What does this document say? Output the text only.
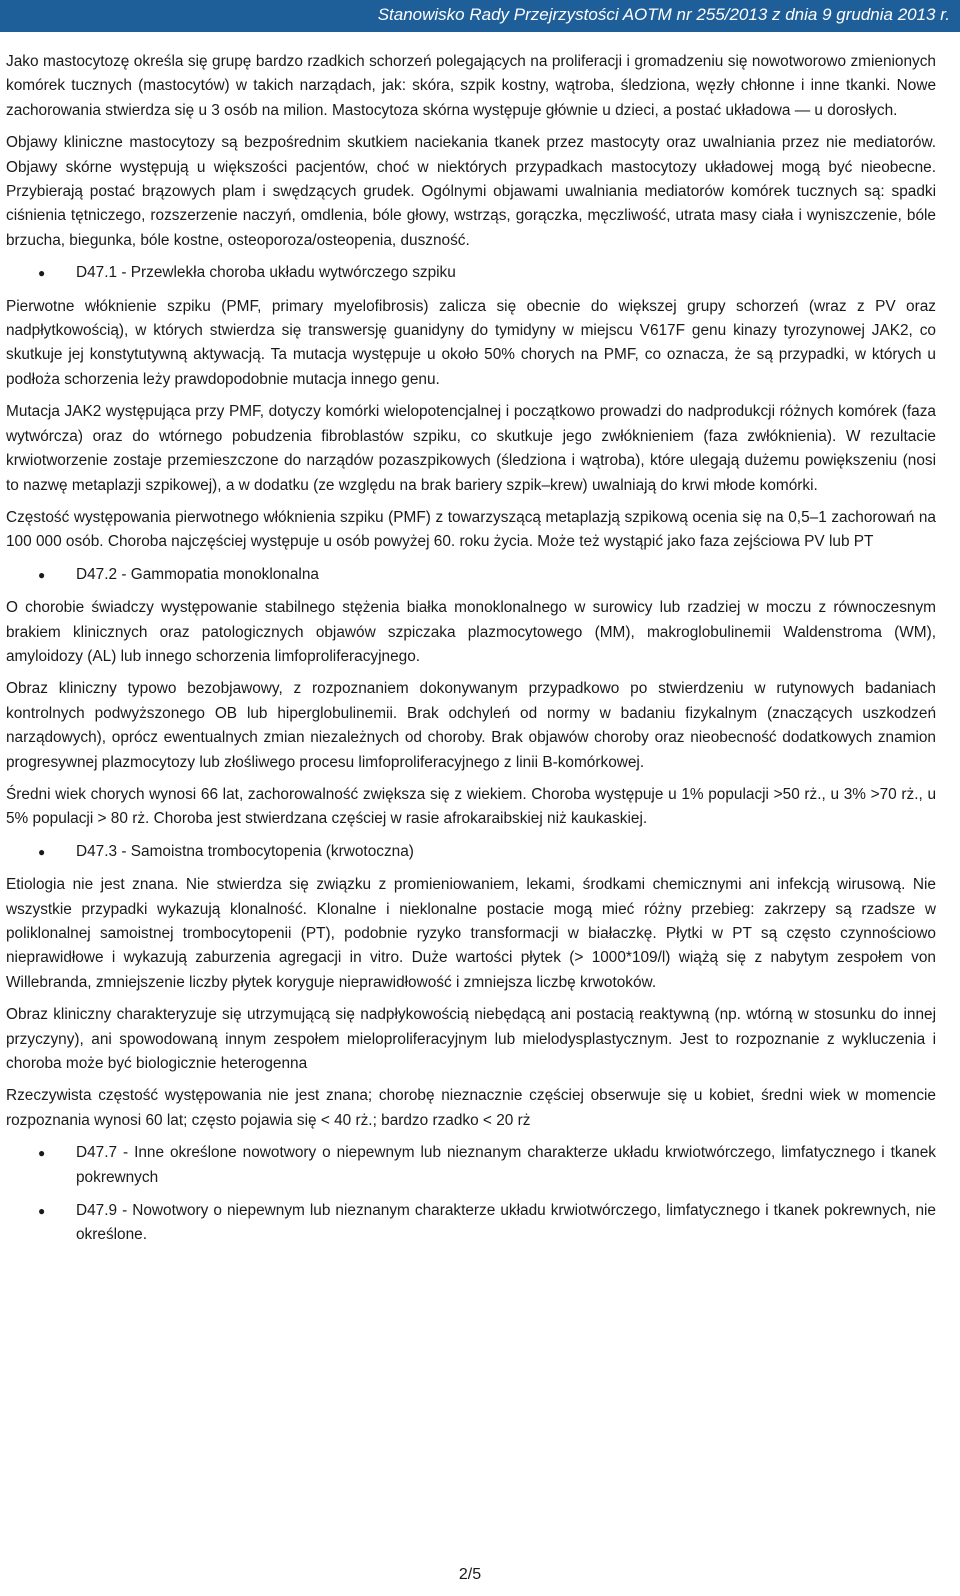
Stanowisko Rady Przejrzystości AOTM nr 255/2013 z dnia 9 grudnia 2013 r.

Jako mastocytozę określa się grupę bardzo rzadkich schorzeń polegających na proliferacji i gromadzeniu się nowotworowo zmienionych komórek tucznych (mastocytów) w takich narządach, jak: skóra, szpik kostny, wątroba, śledziona, węzły chłonne i inne tkanki. Nowe zachorowania stwierdza się u 3 osób na milion. Mastocytoza skórna występuje głównie u dzieci, a postać układowa — u dorosłych.

Objawy kliniczne mastocytozy są bezpośrednim skutkiem naciekania tkanek przez mastocyty oraz uwalniania przez nie mediatorów. Objawy skórne występują u większości pacjentów, choć w niektórych przypadkach mastocytozy układowej mogą być nieobecne. Przybierają postać brązowych plam i swędzących grudek. Ogólnymi objawami uwalniania mediatorów komórek tucznych są: spadki ciśnienia tętniczego, rozszerzenie naczyń, omdlenia, bóle głowy, wstrząs, gorączka, męczliwość, utrata masy ciała i wyniszczenie, bóle brzucha, biegunka, bóle kostne, osteoporoza/osteopenia, duszność.

● D47.1 - Przewlekła choroba układu wytwórczego szpiku

Pierwotne włóknienie szpiku (PMF, primary myelofibrosis) zalicza się obecnie do większej grupy schorzeń (wraz z PV oraz nadpłytkowością), w których stwierdza się transwersję guanidyny do tymidyny w miejscu V617F genu kinazy tyrozynowej JAK2, co skutkuje jej konstytutywną aktywacją. Ta mutacja występuje u około 50% chorych na PMF, co oznacza, że są przypadki, w których u podłoża schorzenia leży prawdopodobnie mutacja innego genu.

Mutacja JAK2 występująca przy PMF, dotyczy komórki wielopotencjalnej i początkowo prowadzi do nadprodukcji różnych komórek (faza wytwórcza) oraz do wtórnego pobudzenia fibroblastów szpiku, co skutkuje jego zwłóknieniem (faza zwłóknienia). W rezultacie krwiotworzenie zostaje przemieszczone do narządów pozaszpikowych (śledziona i wątroba), które ulegają dużemu powiększeniu (nosi to nazwę metaplazji szpikowej), a w dodatku (ze względu na brak bariery szpik–krew) uwalniają do krwi młode komórki.

Częstość występowania pierwotnego włóknienia szpiku (PMF) z towarzyszącą metaplazją szpikową ocenia się na 0,5–1 zachorowań na 100 000 osób. Choroba najczęściej występuje u osób powyżej 60. roku życia. Może też wystąpić jako faza zejściowa PV lub PT

● D47.2 - Gammopatia monoklonalna

O chorobie świadczy występowanie stabilnego stężenia białka monoklonalnego w surowicy lub rzadziej w moczu z równoczesnym brakiem klinicznych oraz patologicznych objawów szpiczaka plazmocytowego (MM), makroglobulinemii Waldenstroma (WM), amyloidozy (AL) lub innego schorzenia limfoproliferacyjnego.

Obraz kliniczny typowo bezobjawowy, z rozpoznaniem dokonywanym przypadkowo po stwierdzeniu w rutynowych badaniach kontrolnych podwyższonego OB lub hiperglobulinemii. Brak odchyleń od normy w badaniu fizykalnym (znaczących uszkodzeń narządowych), oprócz ewentualnych zmian niezależnych od choroby. Brak objawów choroby oraz nieobecność dodatkowych znamion progresywnej plazmocytozy lub złośliwego procesu limfoproliferacyjnego z linii B-komórkowej.

Średni wiek chorych wynosi 66 lat, zachorowalność zwiększa się z wiekiem. Choroba występuje u 1% populacji >50 rż., u 3% >70 rż., u 5% populacji > 80 rż. Choroba jest stwierdzana częściej w rasie afrokaraibskiej niż kaukaskiej.

● D47.3 - Samoistna trombocytopenia (krwotoczna)

Etiologia nie jest znana. Nie stwierdza się związku z promieniowaniem, lekami, środkami chemicznymi ani infekcją wirusową. Nie wszystkie przypadki wykazują klonalność. Klonalne i nieklonalne postacie mogą mieć różny przebieg: zakrzepy są rzadsze w poliklonalnej samoistnej trombocytopenii (PT), podobnie ryzyko transformacji w białaczkę. Płytki w PT są często czynnościowo nieprawidłowe i wykazują zaburzenia agregacji in vitro. Duże wartości płytek (> 1000*109/l) wiążą się z nabytym zespołem von Willebranda, zmniejszenie liczby płytek koryguje nieprawidłowość i zmniejsza liczbę krwotoków.

Obraz kliniczny charakteryzuje się utrzymującą się nadpłykowością niebędącą ani postacią reaktywną (np. wtórną w stosunku do innej przyczyny), ani spowodowaną innym zespołem mieloproliferacyjnym lub mielodysplastycznym. Jest to rozpoznanie z wykluczenia i choroba może być biologicznie heterogenna

Rzeczywista częstość występowania nie jest znana; chorobę nieznacznie częściej obserwuje się u kobiet, średni wiek w momencie rozpoznania wynosi 60 lat; często pojawia się < 40 rż.; bardzo rzadko < 20 rż

● D47.7 - Inne określone nowotwory o niepewnym lub nieznanym charakterze układu krwiotwórczego, limfatycznego i tkanek pokrewnych
● D47.9 - Nowotwory o niepewnym lub nieznanym charakterze układu krwiotwórczego, limfatycznego i tkanek pokrewnych, nie określone.
2/5
